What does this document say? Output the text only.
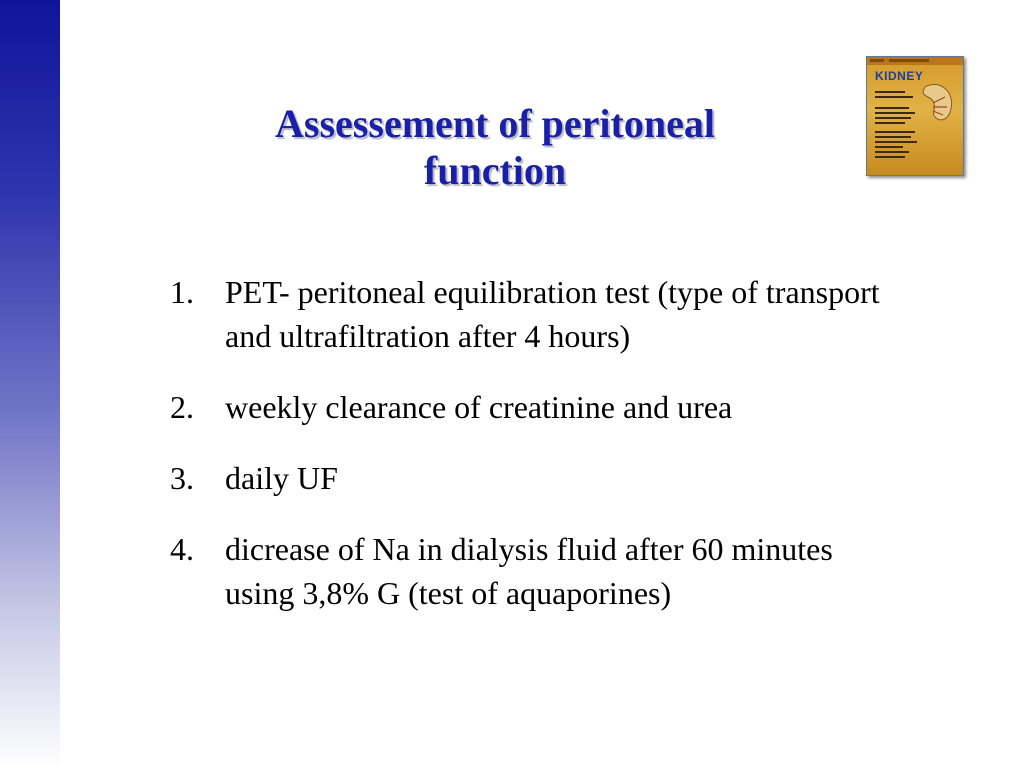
Assessement of peritoneal
function
KIDNEY
1. PET- peritoneal equilibration test (type of transport and ultrafiltration after 4 hours)
2. weekly clearance of creatinine and urea
3. daily UF
4. dicrease of Na in dialysis fluid after 60 minutes using 3,8% G (test of aquaporines)
